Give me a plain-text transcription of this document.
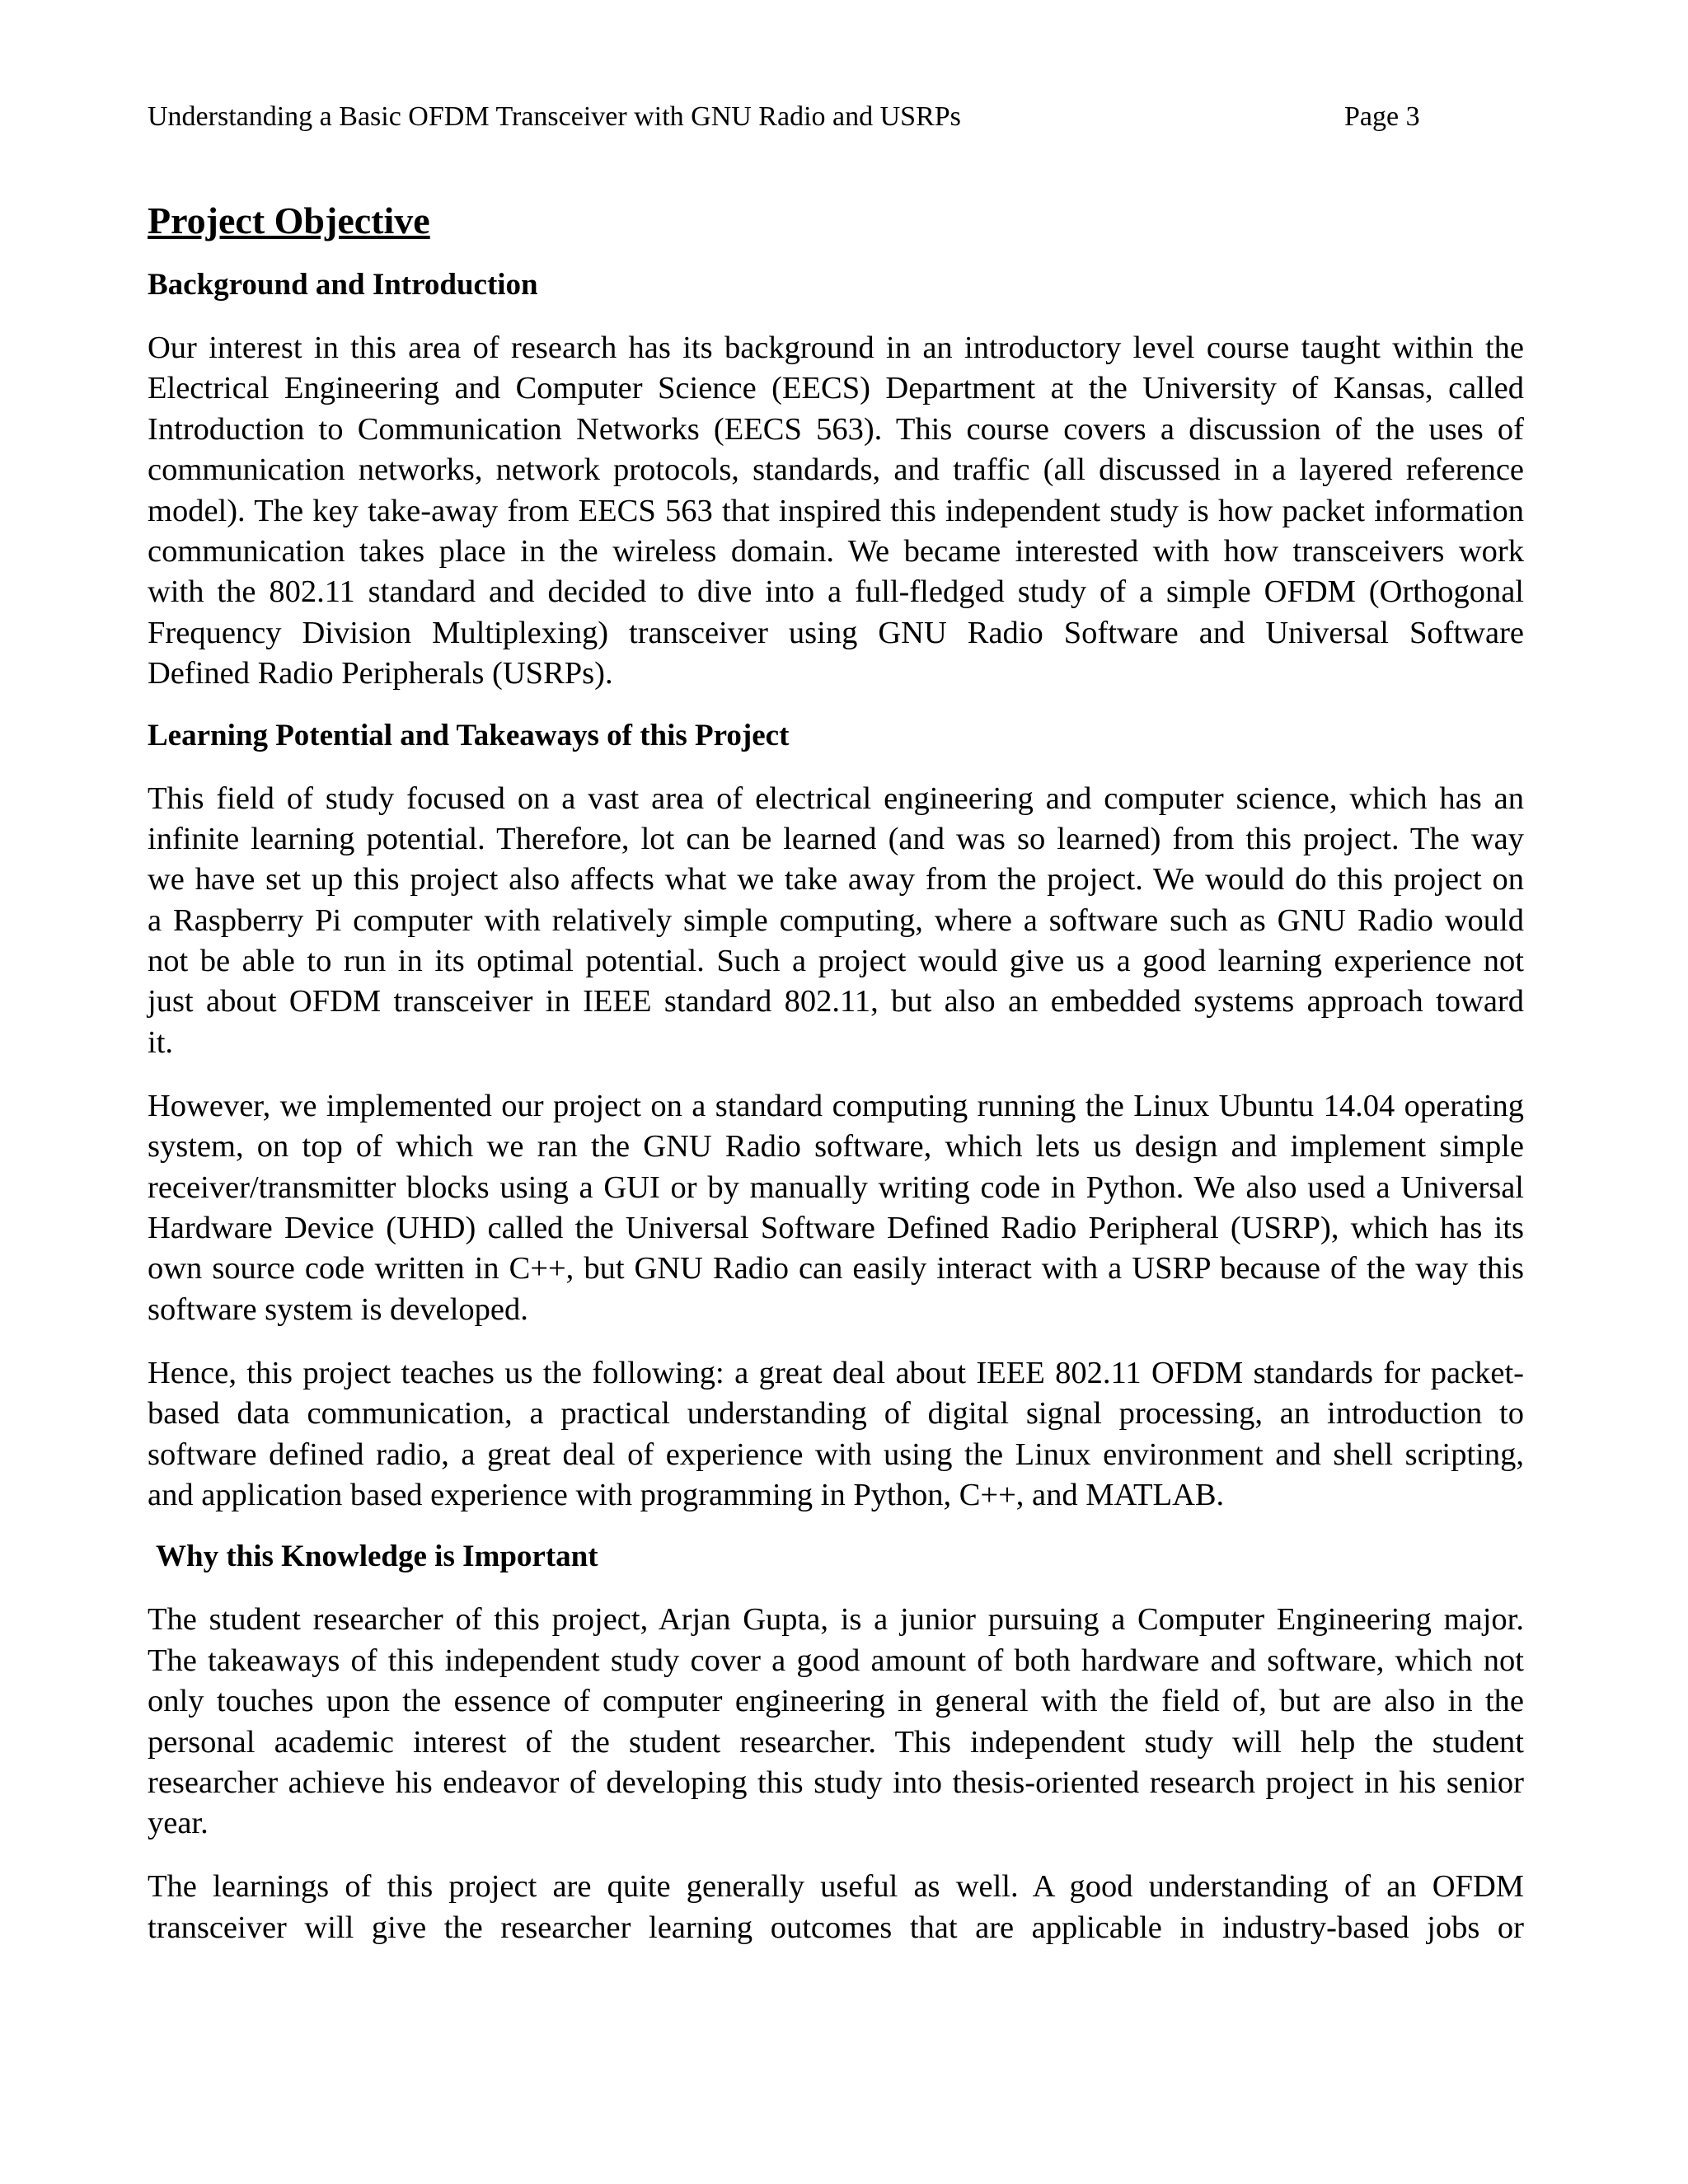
Understanding a Basic OFDM Transceiver with GNU Radio and USRPs	Page 3
Project Objective
Background and Introduction
Our interest in this area of research has its background in an introductory level course taught within the
Electrical Engineering and Computer Science (EECS) Department at the University of Kansas, called
Introduction to Communication Networks (EECS 563). This course covers a discussion of the uses of
communication networks, network protocols, standards, and traffic (all discussed in a layered reference
model). The key take-away from EECS 563 that inspired this independent study is how packet information
communication takes place in the wireless domain. We became interested with how transceivers work
with the 802.11 standard and decided to dive into a full-fledged study of a simple OFDM (Orthogonal
Frequency Division Multiplexing) transceiver using GNU Radio Software and Universal Software
Defined Radio Peripherals (USRPs).
Learning Potential and Takeaways of this Project
This field of study focused on a vast area of electrical engineering and computer science, which has an
infinite learning potential. Therefore, lot can be learned (and was so learned) from this project. The way
we have set up this project also affects what we take away from the project. We would do this project on
a Raspberry Pi computer with relatively simple computing, where a software such as GNU Radio would
not be able to run in its optimal potential. Such a project would give us a good learning experience not
just about OFDM transceiver in IEEE standard 802.11, but also an embedded systems approach toward
it.
However, we implemented our project on a standard computing running the Linux Ubuntu 14.04 operating
system, on top of which we ran the GNU Radio software, which lets us design and implement simple
receiver/transmitter blocks using a GUI or by manually writing code in Python. We also used a Universal
Hardware Device (UHD) called the Universal Software Defined Radio Peripheral (USRP), which has its
own source code written in C++, but GNU Radio can easily interact with a USRP because of the way this
software system is developed.
Hence, this project teaches us the following: a great deal about IEEE 802.11 OFDM standards for packet-
based data communication, a practical understanding of digital signal processing, an introduction to
software defined radio, a great deal of experience with using the Linux environment and shell scripting,
and application based experience with programming in Python, C++, and MATLAB.
Why this Knowledge is Important
The student researcher of this project, Arjan Gupta, is a junior pursuing a Computer Engineering major.
The takeaways of this independent study cover a good amount of both hardware and software, which not
only touches upon the essence of computer engineering in general with the field of, but are also in the
personal academic interest of the student researcher. This independent study will help the student
researcher achieve his endeavor of developing this study into thesis-oriented research project in his senior
year.
The learnings of this project are quite generally useful as well. A good understanding of an OFDM
transceiver will give the researcher learning outcomes that are applicable in industry-based jobs or
